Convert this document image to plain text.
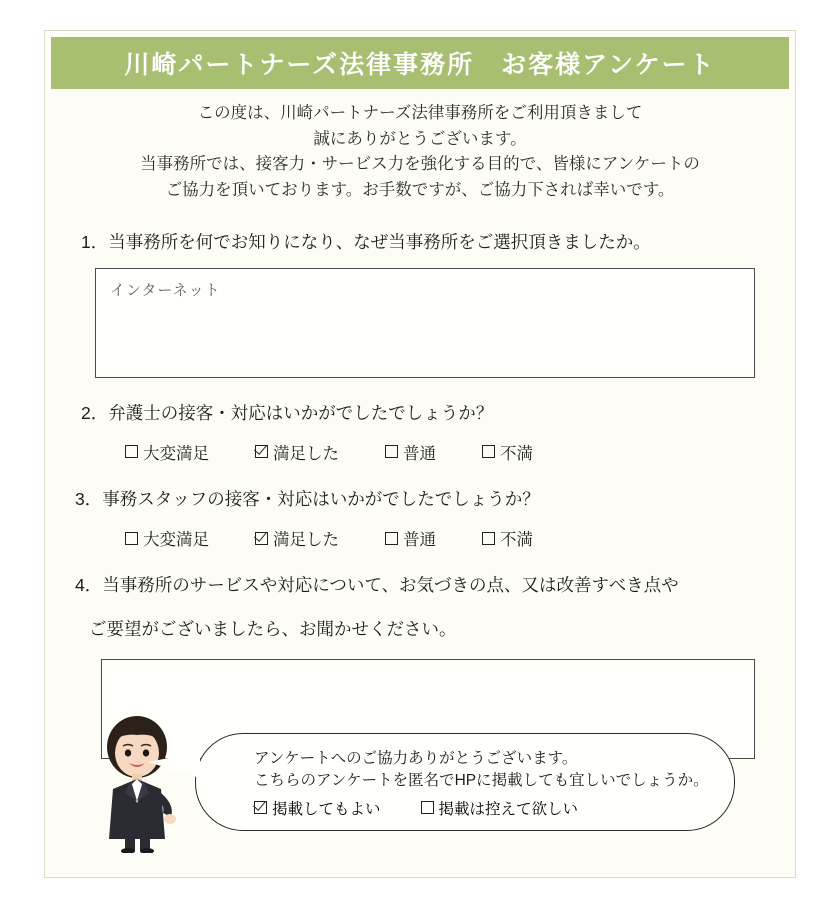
川崎パートナーズ法律事務所　お客様アンケート
この度は、川崎パートナーズ法律事務所をご利用頂きまして
誠にありがとうございます。
当事務所では、接客力・サービス力を強化する目的で、皆様にアンケートの
ご協力を頂いております。お手数ですが、ご協力下されば幸いです。
1．当事務所を何でお知りになり、なぜ当事務所をご選択頂きましたか。
インターネット
2．弁護士の接客・対応はいかがでしたでしょうか？
大変満足	満足した	普通	不満
3．事務スタッフの接客・対応はいかがでしたでしょうか？
大変満足	満足した	普通	不満
4．当事務所のサービスや対応について、お気づきの点、又は改善すべき点や
ご要望がございましたら、お聞かせください。
アンケートへのご協力ありがとうございます。
こちらのアンケートを匿名でHPに掲載しても宜しいでしょうか。
掲載してもよい	掲載は控えて欲しい
